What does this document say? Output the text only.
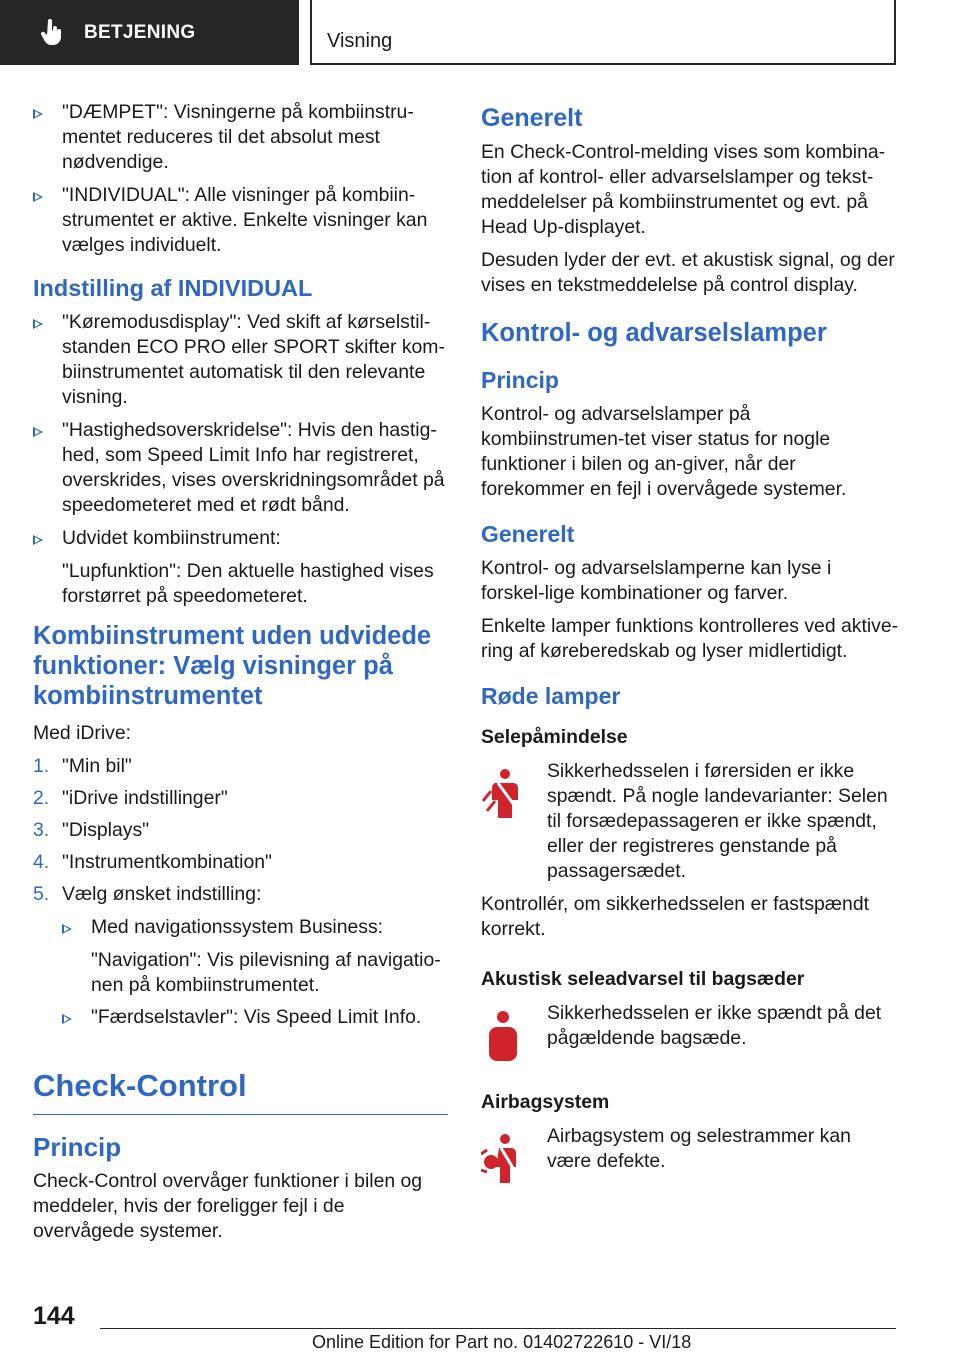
BETJENING	Visning
"DÆMPET": Visningerne på kombiinstru-mentet reduceres til det absolut mest nødvendige.
"INDIVIDUAL": Alle visninger på kombiin-strumentet er aktive. Enkelte visninger kan vælges individuelt.
Indstilling af INDIVIDUAL
"Køremodusdisplay": Ved skift af kørselstil-standen ECO PRO eller SPORT skifter kom-biinstrumentet automatisk til den relevante visning.
"Hastighedsoverskridelse": Hvis den hastig-hed, som Speed Limit Info har registreret, overskrides, vises overskridningsområdet på speedometeret med et rødt bånd.
Udvidet kombiinstrument:
"Lupfunktion": Den aktuelle hastighed vises forstørret på speedometeret.
Kombiinstrument uden udvidede funktioner: Vælg visninger på kombiinstrumentet

Med iDrive:

1. "Min bil"
2. "iDrive indstillinger"
3. "Displays"
4. "Instrumentkombination"
5. Vælg ønsket indstilling:
Med navigationssystem Business:
"Navigation": Vis pilevisning af navigatio-nen på kombiinstrumentet.
"Færdselstavler": Vis Speed Limit Info.
Check-Control
Princip

Check-Control overvåger funktioner i bilen og meddeler, hvis der foreligger fejl i de overvågede systemer.

Generelt

En Check-Control-melding vises som kombina-tion af kontrol- eller advarselslamper og tekst-meddelelser på kombiinstrumentet og evt. på Head Up-displayet.

Desuden lyder der evt. et akustisk signal, og der vises en tekstmeddelelse på control display.

Kontrol- og advarselslamper
Princip

Kontrol- og advarselslamper på kombiinstrumen-tet viser status for nogle funktioner i bilen og an-giver, når der forekommer en fejl i overvågede systemer.

Generelt

Kontrol- og advarselslamperne kan lyse i forskel-lige kombinationer og farver.

Enkelte lamper funktions kontrolleres ved aktive-ring af køreberedskab og lyser midlertidigt.

Røde lamper
Selepåmindelse
Sikkerhedsselen i førersiden er ikke spændt. På nogle landevarianter: Selen til forsædepassageren er ikke spændt, eller der registreres genstande på passagersædet.

Kontrollér, om sikkerhedsselen er fastspændt korrekt.

Akustisk seleadvarsel til bagsæder
Sikkerhedsselen er ikke spændt på det pågældende bagsæde.
Airbagsystem
Airbagsystem og selestrammer kan være defekte.
144
Online Edition for Part no. 01402722610 - VI/18
